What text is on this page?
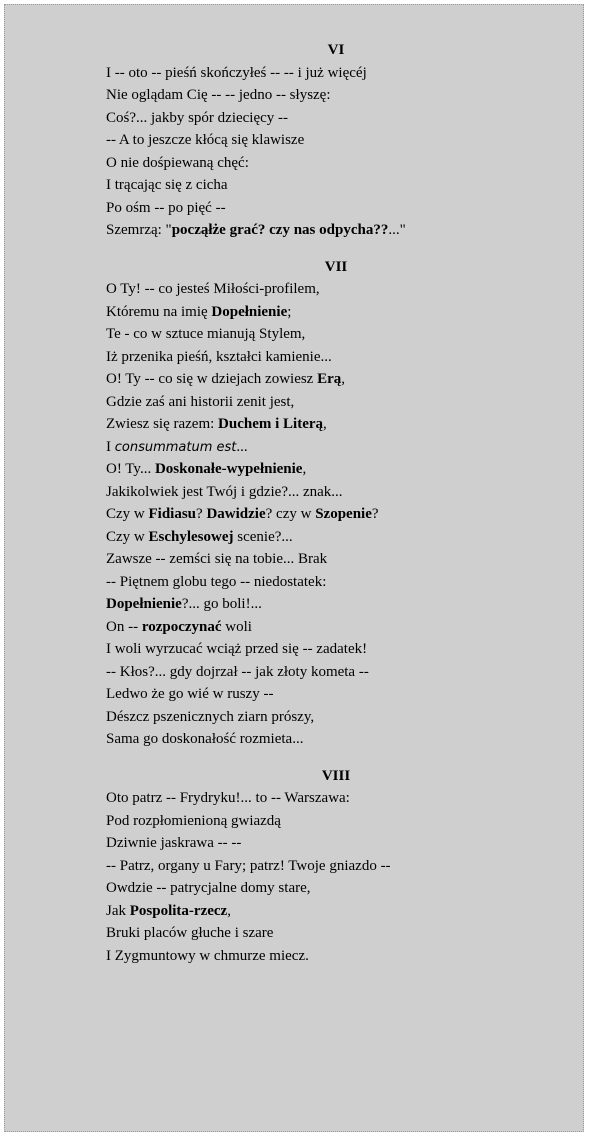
VI
I -- oto -- pieśń skończyłeś -- -- i już więcéj
Nie oglądam Cię -- -- jedno -- słyszę:
Coś?... jakby spór dziecięcy --
-- A to jeszcze kłócą się klawisze
O nie dośpiewaną chęć:
I trącając się z cicha
Po ośm -- po pięć --
Szemrzą: "począłże grać? czy nas odpycha??..."
VII
O Ty! -- co jesteś Miłości-profilem,
Któremu na imię Dopełnienie;
Te - co w sztuce mianują Stylem,
Iż przenika pieśń, kształci kamienie...
O! Ty -- co się w dziejach zowiesz Erą,
Gdzie zaś ani historii zenit jest,
Zwiesz się razem: Duchem i Literą,
I consummatum est...
O! Ty... Doskonałe-wypełnienie,
Jakikolwiek jest Twój i gdzie?... znak...
Czy w Fidiasu? Dawidzie? czy w Szopenie?
Czy w Eschylesowej scenie?...
Zawsze -- zemści się na tobie... Brak
-- Piętnem globu tego -- niedostatek:
Dopełnienie?... go boli!...
On -- rozpoczynać woli
I woli wyrzucać wciąż przed się -- zadatek!
-- Kłos?... gdy dojrzał -- jak złoty kometa --
Ledwo że go wié w ruszy --
Dészcz pszenicznych ziarn prószy,
Sama go doskonałość rozmieta...
VIII
Oto patrz -- Frydryku!... to -- Warszawa:
Pod rozpłomienioną gwiazdą
Dziwnie jaskrawa -- --
-- Patrz, organy u Fary; patrz! Twoje gniazdo --
Owdzie -- patrycjalne domy stare,
Jak Pospolita-rzecz,
Bruki placów głuche i szare
I Zygmuntowy w chmurze miecz.
